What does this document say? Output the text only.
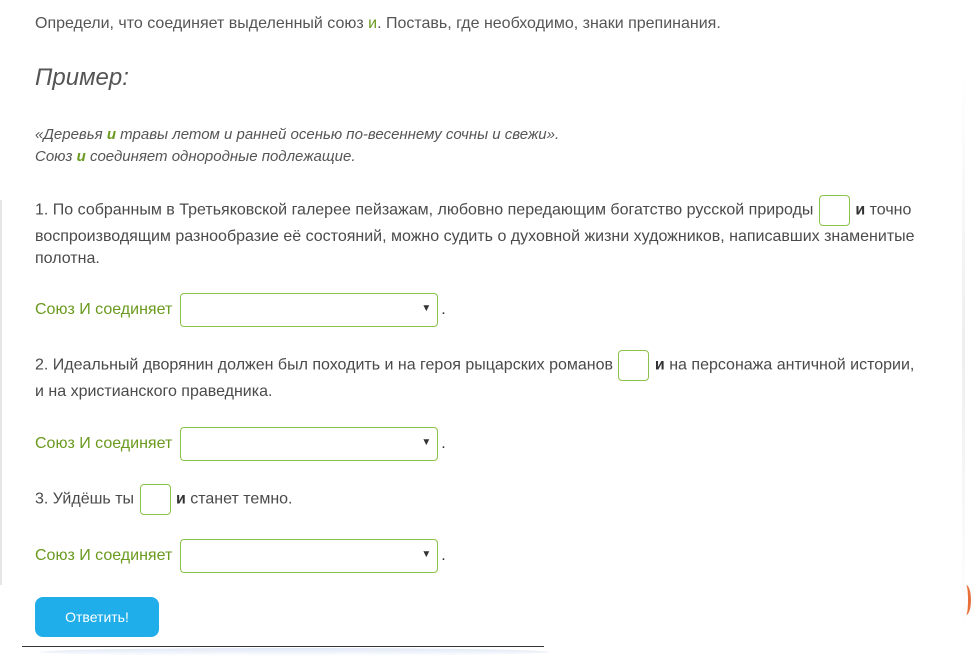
Определи, что соединяет выделенный союз и. Поставь, где необходимо, знаки препинания.
Пример:
«Деревья и травы летом и ранней осенью по-весеннему сочны и свежи».
Союз и соединяет однородные подлежащие.
1. По собранным в Третьяковской галерее пейзажам, любовно передающим богатство русской природы	и точно воспроизводящим разнообразие её состояний, можно судить о духовной жизни художников, написавших знаменитые полотна.
Союз И соединяет	▼ .
2. Идеальный дворянин должен был походить и на героя рыцарских романов	и на персонажа античной истории, и на христианского праведника.
Союз И соединяет	▼ .
3. Уйдёшь ты	и станет темно.
Союз И соединяет	▼ .
Ответить!
